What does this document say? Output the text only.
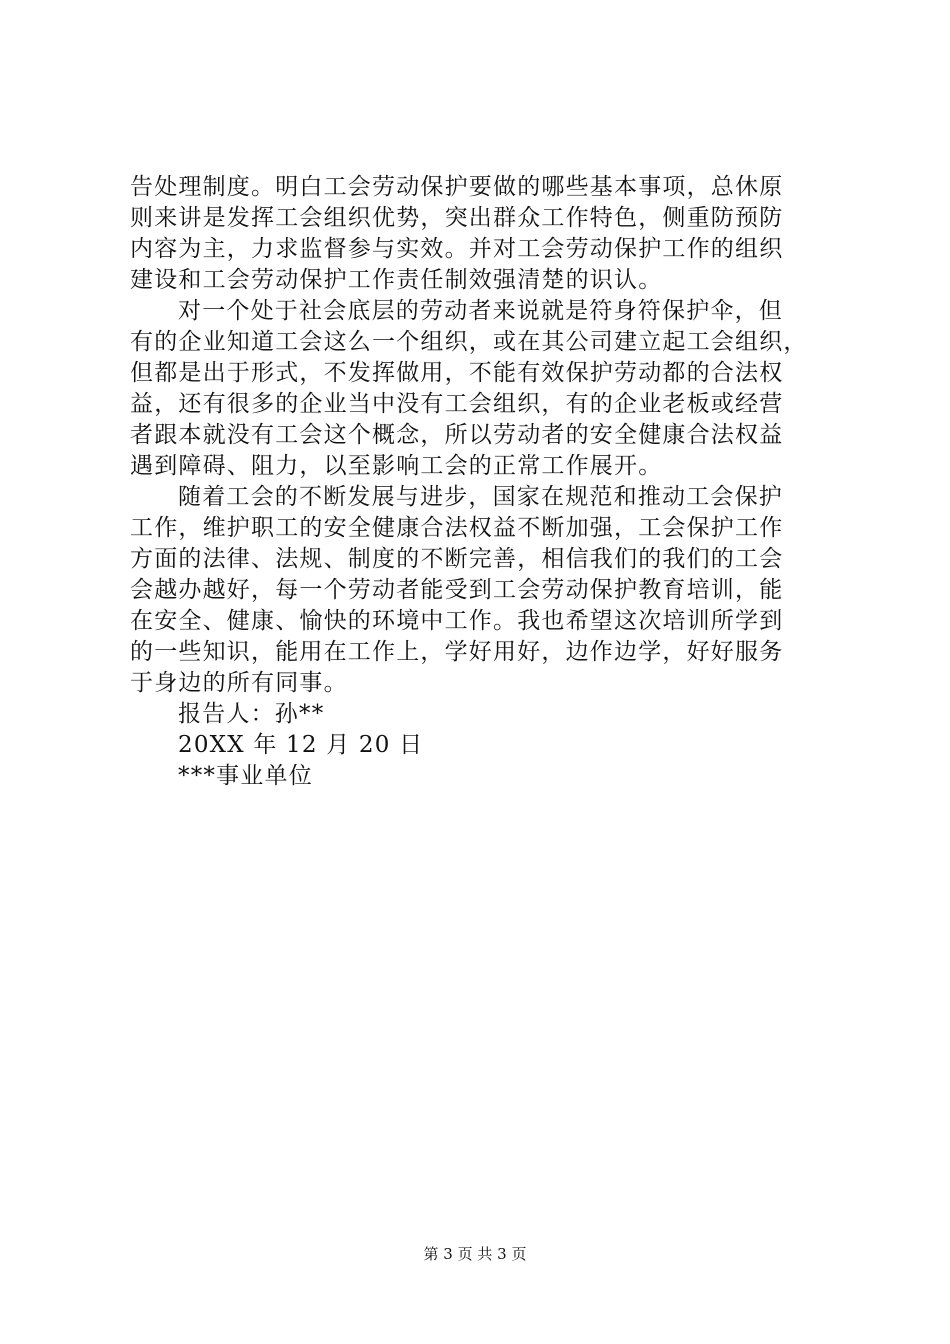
告处理制度。明白工会劳动保护要做的哪些基本事项，总休原
则来讲是发挥工会组织优势，突出群众工作特色，侧重防预防
内容为主，力求监督参与实效。并对工会劳动保护工作的组织
建设和工会劳动保护工作责任制效强清楚的识认。
对一个处于社会底层的劳动者来说就是符身符保护伞，但
有的企业知道工会这么一个组织，或在其公司建立起工会组织，
但都是出于形式，不发挥做用，不能有效保护劳动都的合法权
益，还有很多的企业当中没有工会组织，有的企业老板或经营
者跟本就没有工会这个概念，所以劳动者的安全健康合法权益
遇到障碍、阻力，以至影响工会的正常工作展开。
随着工会的不断发展与进步，国家在规范和推动工会保护
工作，维护职工的安全健康合法权益不断加强，工会保护工作
方面的法律、法规、制度的不断完善，相信我们的我们的工会
会越办越好，每一个劳动者能受到工会劳动保护教育培训，能
在安全、健康、愉快的环境中工作。我也希望这次培训所学到
的一些知识，能用在工作上，学好用好，边作边学，好好服务
于身边的所有同事。
报告人：孙**
20XX 年 12 月 20 日
***事业单位
第 3 页 共 3 页
